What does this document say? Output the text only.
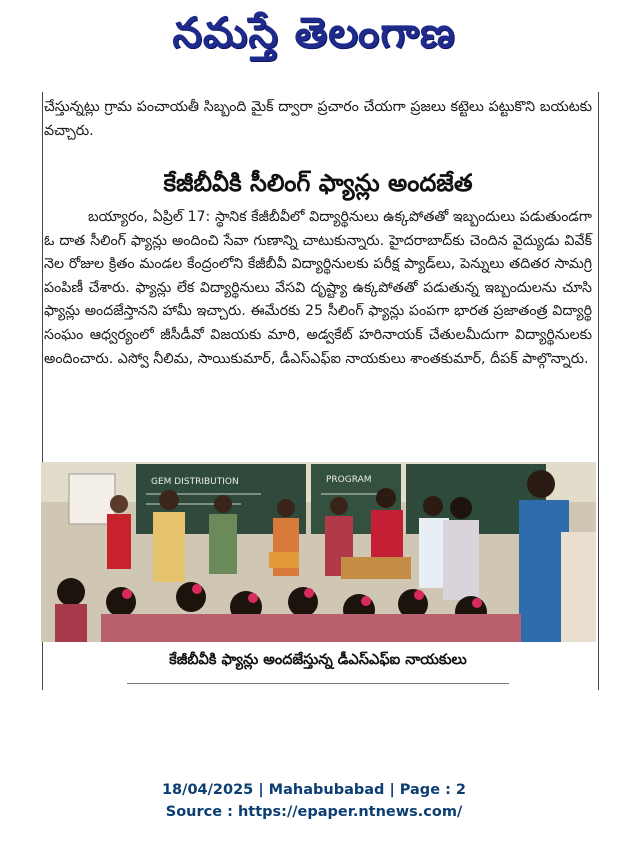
నమస్తే తెలంగాణ

చేస్తున్నట్లు గ్రామ పంచాయతీ సిబ్బంది మైక్ ద్వారా ప్రచారం చేయగా ప్రజలు కట్టెలు పట్టుకొని బయటకు వచ్చారు.

కేజీబీవీకి సీలింగ్ ఫ్యాన్లు అందజేత

బయ్యారం, ఏప్రిల్ 17: స్థానిక కేజీబీవీలో విద్యార్థినులు ఉక్కపోతతో ఇబ్బందులు పడుతుండగా ఓ దాత సీలింగ్ ఫ్యాన్లు అందించి సేవా గుణాన్ని చాటుకున్నారు. హైదరాబాద్‌కు చెందిన వైద్యుడు వివేక్ నెల రోజుల క్రితం మండల కేంద్రంలోని కేజీబీవీ విద్యార్థినులకు పరీక్ష ప్యాడ్‌లు, పెన్నులు తదితర సామగ్రి పంపిణీ చేశారు. ఫ్యాన్లు లేక విద్యార్థినులు వేసవి దృష్ట్యా ఉక్కపోతతో పడుతున్న ఇబ్బందులను చూసి ఫ్యాన్లు అందజేస్తానని హామీ ఇచ్చారు. ఈమేరకు 25 సీలింగ్ ఫ్యాన్లు పంపగా భారత ప్రజాతంత్ర విద్యార్థి సంఘం ఆధ్వర్యంలో జీసీడీవో విజయకు మారి, అడ్వకేట్ హరినాయక్ చేతులమీదుగా విద్యార్థినులకు అందించారు. ఎస్వో నీలిమ, సాయికుమార్, డీఎస్ఎఫ్ఐ నాయకులు శాంతకుమార్, దీపక్ పాల్గొన్నారు.

GEM DISTRIBUTION	PROGRAM

కేజీబీవీకి ఫ్యాన్లు అందజేస్తున్న డీఎస్ఎఫ్ఐ నాయకులు

18/04/2025 | Mahabubabad | Page : 2

Source : https://epaper.ntnews.com/
